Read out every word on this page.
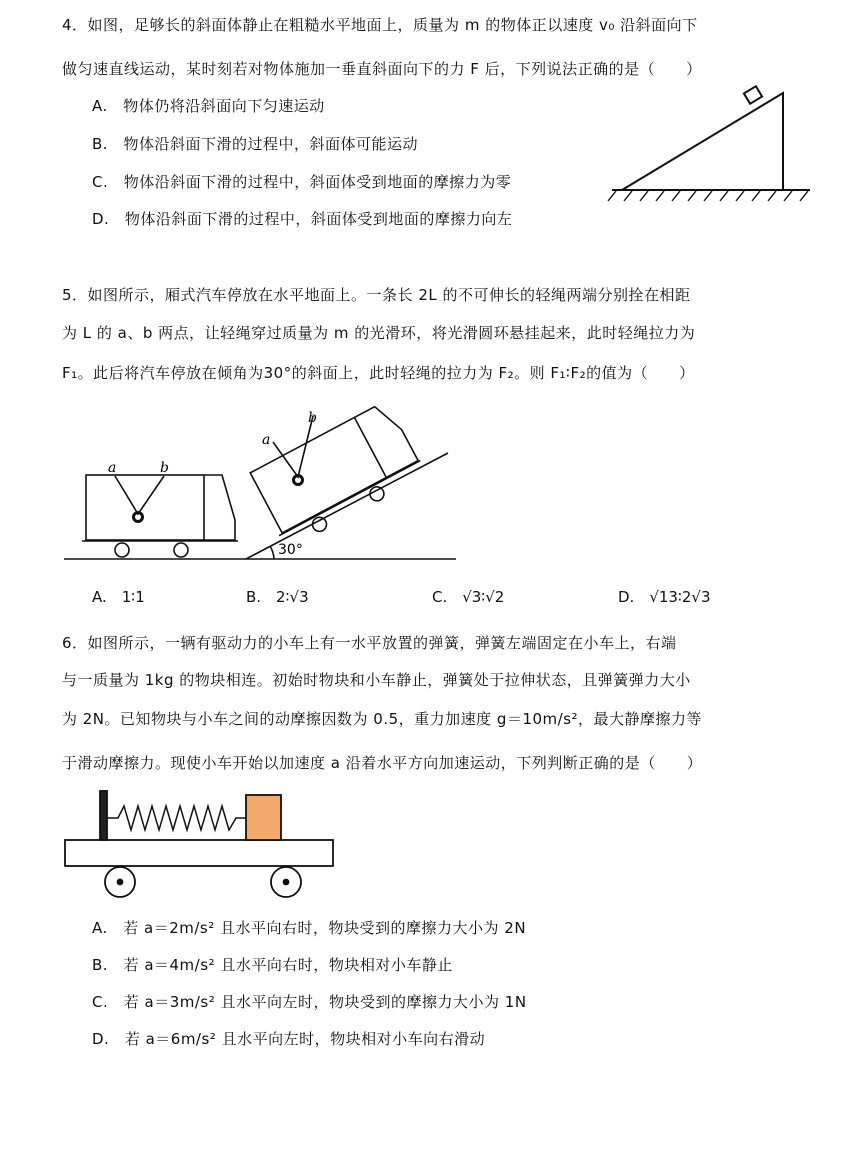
4．如图，足够长的斜面体静止在粗糙水平地面上，质量为 m 的物体正以速度 v₀ 沿斜面向下
做匀速直线运动，某时刻若对物体施加一垂直斜面向下的力 F 后，下列说法正确的是（　　）
A.　物体仍将沿斜面向下匀速运动
B.　物体沿斜面下滑的过程中，斜面体可能运动
C.　物体沿斜面下滑的过程中，斜面体受到地面的摩擦力为零
D.　物体沿斜面下滑的过程中，斜面体受到地面的摩擦力向左
5．如图所示，厢式汽车停放在水平地面上。一条长 2L 的不可伸长的轻绳两端分别拴在相距
为 L 的 a、b 两点，让轻绳穿过质量为 m 的光滑环，将光滑圆环悬挂起来，此时轻绳拉力为
F₁。此后将汽车停放在倾角为30°的斜面上，此时轻绳的拉力为 F₂。则 F₁∶F₂的值为（　　）
a	b
a
b
30°
A.　1∶1	B.　2∶√3	C.　√3∶√2	D.　√13∶2√3
6．如图所示，一辆有驱动力的小车上有一水平放置的弹簧，弹簧左端固定在小车上，右端
与一质量为 1kg 的物块相连。初始时物块和小车静止，弹簧处于拉伸状态，且弹簧弹力大小
为 2N。已知物块与小车之间的动摩擦因数为 0.5，重力加速度 g＝10m/s²，最大静摩擦力等
于滑动摩擦力。现使小车开始以加速度 a 沿着水平方向加速运动，下列判断正确的是（　　）
A.　若 a＝2m/s² 且水平向右时，物块受到的摩擦力大小为 2N
B.　若 a＝4m/s² 且水平向右时，物块相对小车静止
C.　若 a＝3m/s² 且水平向左时，物块受到的摩擦力大小为 1N
D.　若 a＝6m/s² 且水平向左时，物块相对小车向右滑动
